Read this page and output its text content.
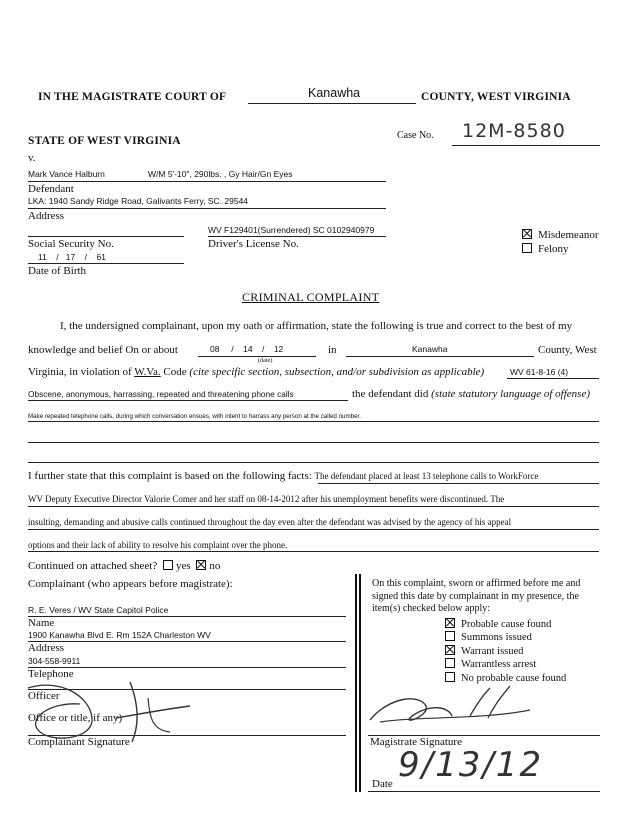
IN THE MAGISTRATE COURT OF	Kanawha	COUNTY, WEST VIRGINIA
STATE OF WEST VIRGINIA	Case No. 12M-8580
v.
Mark Vance Halburn	W/M 5'-10", 290lbs. , Gy Hair/Gn Eyes
Defendant
LKA: 1940 Sandy Ridge Road, Galivants Ferry, SC. 29544
Address
WV F129401(Surrendered) SC 0102940979
Driver's License No.
Social Security No.
11    /   17    /    61
Date of Birth
Misdemeanor
Felony
CRIMINAL COMPLAINT
I, the undersigned complainant, upon my oath or affirmation, state the following is true and correct to the best of my
knowledge and belief On or about	08     /    14    /    12	in	Kanawha	County, West
(date)
Virginia, in violation of W.Va. Code (cite specific section, subsection, and/or subdivision as applicable)	WV 61-8-16 (4)
Obscene, anonymous, harrassing, repeated and threatening phone calls	the defendant did (state statutory language of offense)
Make repeated telephone calls, during which conversation ensues, with intent to harrass any person at the called number.
I further state that this complaint is based on the following facts: The defendant placed at least 13 telephone calls to WorkForce
WV Deputy Executive Director Valorie Comer and her staff on 08-14-2012 after his unemployment benefits were discontinued. The
insulting, demanding and abusive calls continued throughout the day even after the defendant was advised by the agency of his appeal
options and their lack of ability to resolve his complaint over the phone.
Continued on attached sheet? yes no
Complainant (who appears before magistrate):
R. E. Veres / WV State Capitol Police
Name
1900 Kanawha Blvd E. Rm 152A Charleston WV
Address
304-558-9911
Telephone
Officer
Office or title, if any)
Complainant Signature
On this complaint, sworn or affirmed before me and
signed this date by complainant in my presence, the
item(s) checked below apply:
Probable cause found
Summons issued
Warrant issued
Warrantless arrest
No probable cause found
Magistrate Signature
9/13/12
Date
